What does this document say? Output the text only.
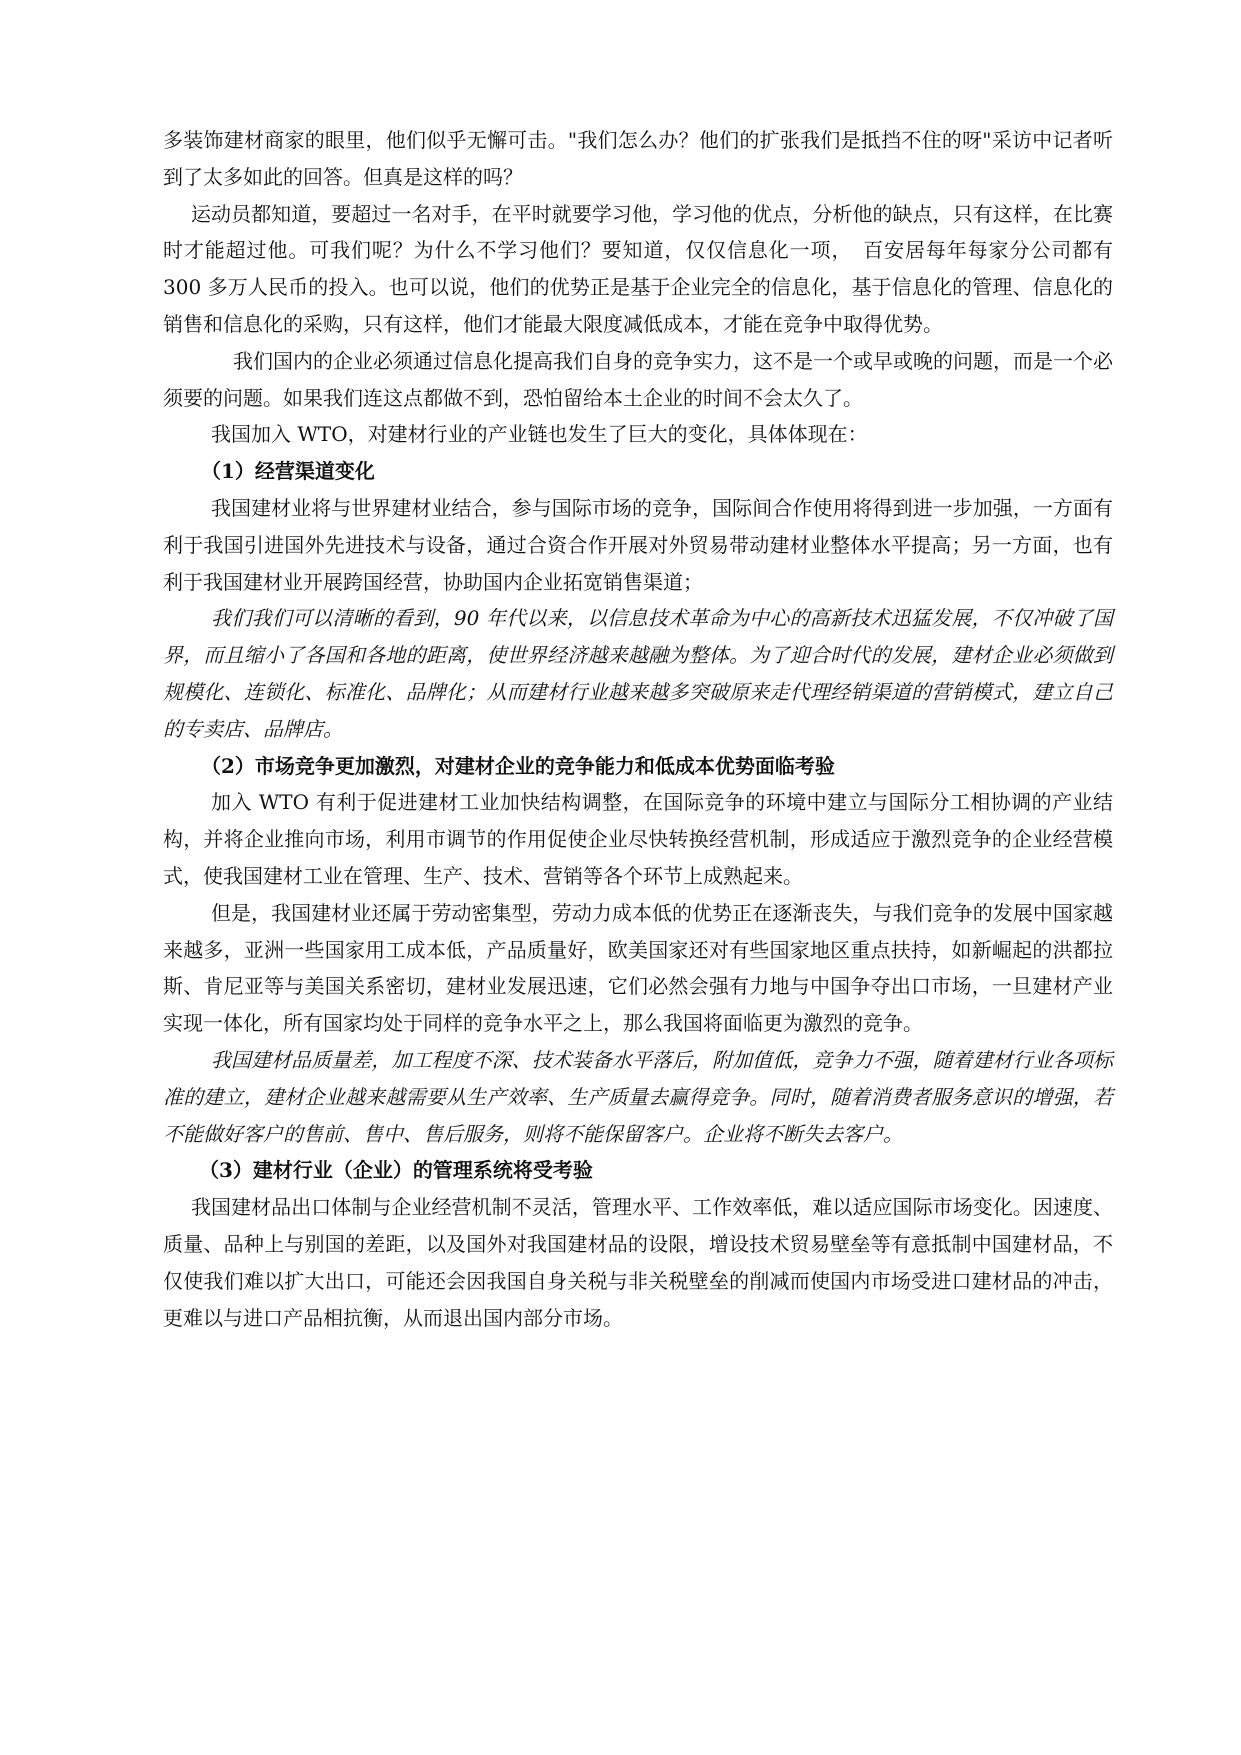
多装饰建材商家的眼里，他们似乎无懈可击。"我们怎么办？他们的扩张我们是抵挡不住的呀"采访中记者听到了太多如此的回答。但真是这样的吗？

运动员都知道，要超过一名对手，在平时就要学习他，学习他的优点，分析他的缺点，只有这样，在比赛时才能超过他。可我们呢？为什么不学习他们？要知道，仅仅信息化一项，　百安居每年每家分公司都有 300 多万人民币的投入。也可以说，他们的优势正是基于企业完全的信息化，基于信息化的管理、信息化的销售和信息化的采购，只有这样，他们才能最大限度减低成本，才能在竞争中取得优势。

我们国内的企业必须通过信息化提高我们自身的竞争实力，这不是一个或早或晚的问题，而是一个必须要的问题。如果我们连这点都做不到，恐怕留给本土企业的时间不会太久了。

我国加入 WTO，对建材行业的产业链也发生了巨大的变化，具体体现在：

（1）经营渠道变化

我国建材业将与世界建材业结合，参与国际市场的竞争，国际间合作使用将得到进一步加强，一方面有利于我国引进国外先进技术与设备，通过合资合作开展对外贸易带动建材业整体水平提高；另一方面，也有利于我国建材业开展跨国经营，协助国内企业拓宽销售渠道；

我们我们可以清晰的看到，90 年代以来，以信息技术革命为中心的高新技术迅猛发展，不仅冲破了国界，而且缩小了各国和各地的距离，使世界经济越来越融为整体。为了迎合时代的发展，建材企业必须做到规模化、连锁化、标准化、品牌化；从而建材行业越来越多突破原来走代理经销渠道的营销模式，建立自己的专卖店、品牌店。

（2）市场竞争更加激烈，对建材企业的竞争能力和低成本优势面临考验

加入 WTO 有利于促进建材工业加快结构调整，在国际竞争的环境中建立与国际分工相协调的产业结构，并将企业推向市场，利用市调节的作用促使企业尽快转换经营机制，形成适应于激烈竞争的企业经营模式，使我国建材工业在管理、生产、技术、营销等各个环节上成熟起来。

但是，我国建材业还属于劳动密集型，劳动力成本低的优势正在逐渐丧失，与我们竞争的发展中国家越来越多，亚洲一些国家用工成本低，产品质量好，欧美国家还对有些国家地区重点扶持，如新崛起的洪都拉斯、肯尼亚等与美国关系密切，建材业发展迅速，它们必然会强有力地与中国争夺出口市场，一旦建材产业实现一体化，所有国家均处于同样的竞争水平之上，那么我国将面临更为激烈的竞争。

我国建材品质量差，加工程度不深、技术装备水平落后，附加值低，竞争力不强，随着建材行业各项标准的建立，建材企业越来越需要从生产效率、生产质量去赢得竞争。同时，随着消费者服务意识的增强，若不能做好客户的售前、售中、售后服务，则将不能保留客户。企业将不断失去客户。

（3）建材行业（企业）的管理系统将受考验

我国建材品出口体制与企业经营机制不灵活，管理水平、工作效率低，难以适应国际市场变化。因速度、质量、品种上与别国的差距，以及国外对我国建材品的设限，增设技术贸易壁垒等有意抵制中国建材品，不仅使我们难以扩大出口，可能还会因我国自身关税与非关税壁垒的削减而使国内市场受进口建材品的冲击，更难以与进口产品相抗衡，从而退出国内部分市场。
